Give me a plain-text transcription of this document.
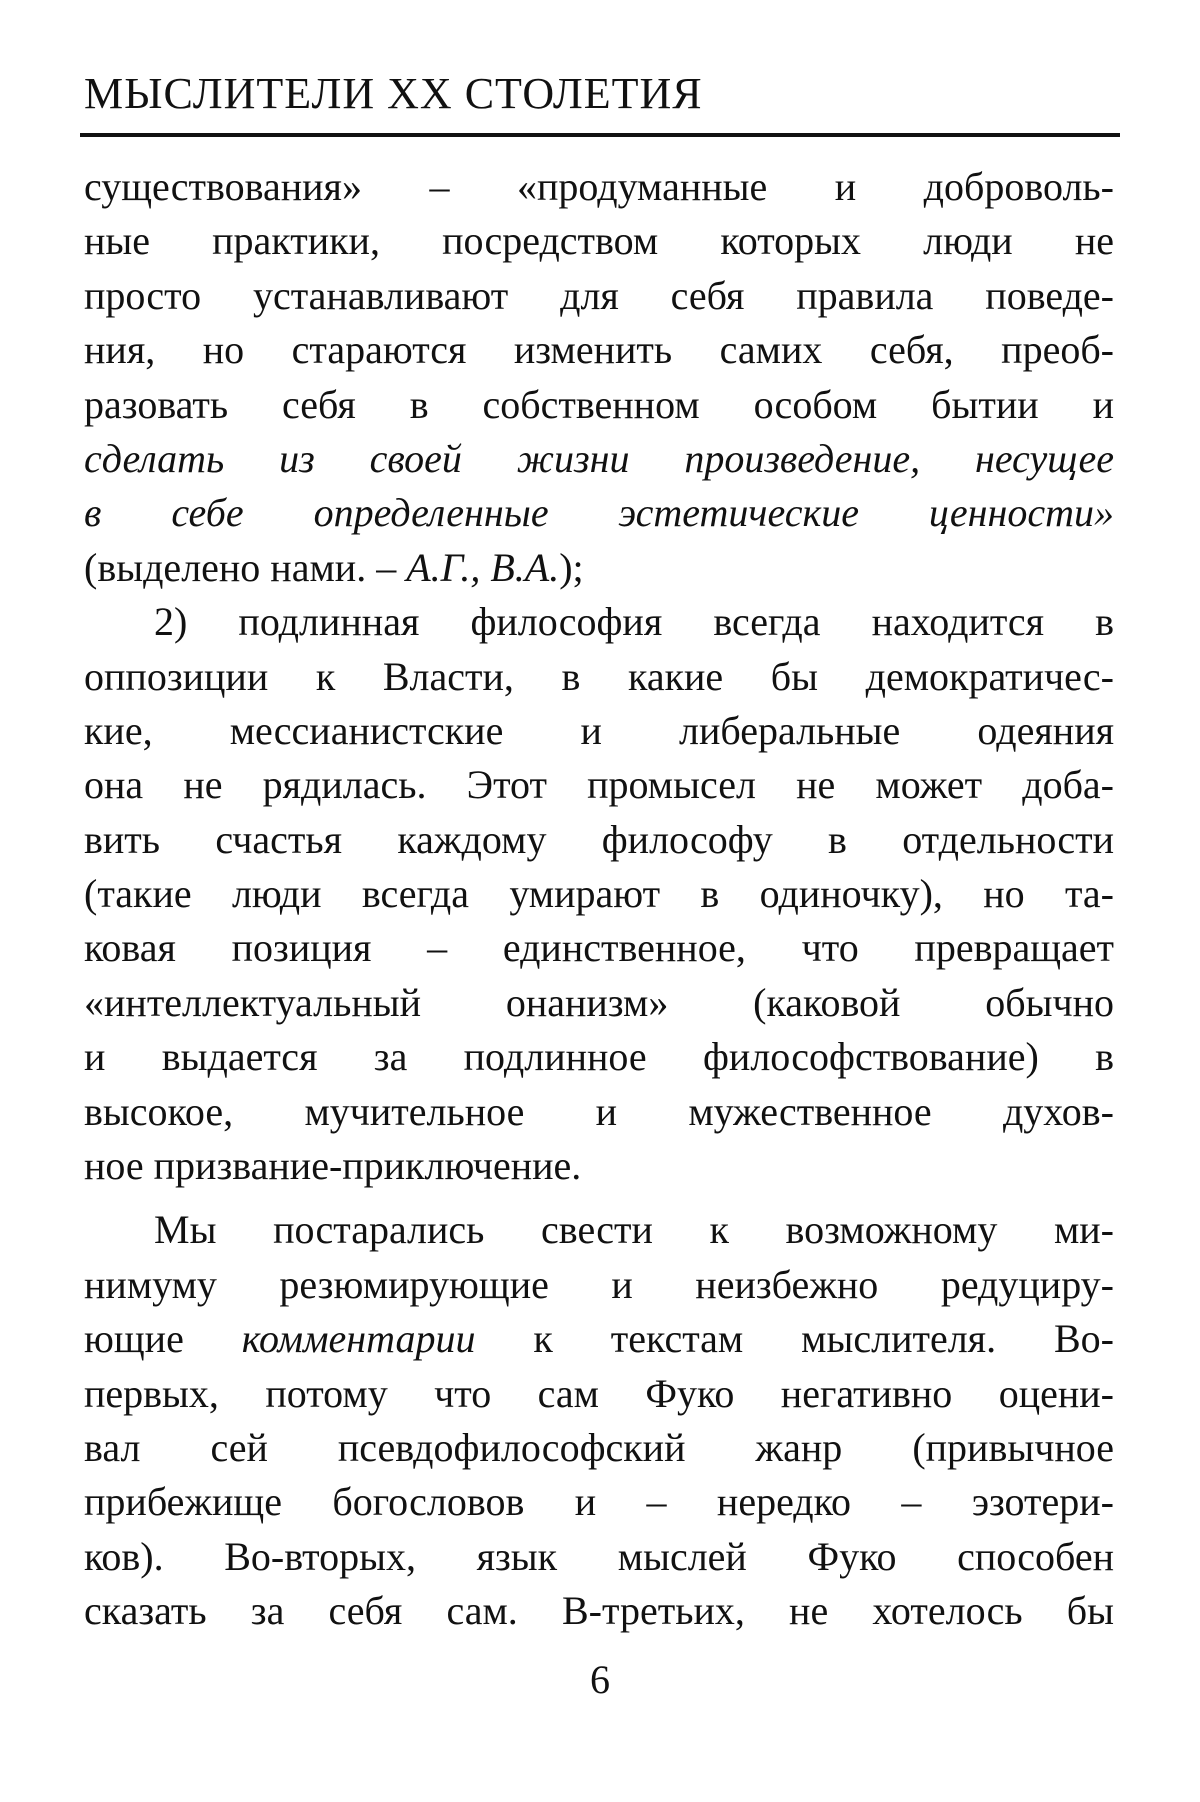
МЫСЛИТЕЛИ XX СТОЛЕТИЯ
существования» – «продуманные и доброволь-
ные практики, посредством которых люди не
просто устанавливают для себя правила поведе-
ния, но стараются изменить самих себя, преоб-
разовать себя в собственном особом бытии и
сделать из своей жизни произведение, несущее
в себе определенные эстетические ценности»
(выделено нами. – А.Г., В.А.);
2) подлинная философия всегда находится в
оппозиции к Власти, в какие бы демократичес-
кие, мессианистские и либеральные одеяния
она не рядилась. Этот промысел не может доба-
вить счастья каждому философу в отдельности
(такие люди всегда умирают в одиночку), но та-
ковая позиция – единственное, что превращает
«интеллектуальный онанизм» (каковой обычно
и выдается за подлинное философствование) в
высокое, мучительное и мужественное духов-
ное призвание-приключение.
Мы постарались свести к возможному ми-
нимуму резюмирующие и неизбежно редуциру-
ющие комментарии к текстам мыслителя. Во-
первых, потому что сам Фуко негативно оцени-
вал сей псевдофилософский жанр (привычное
прибежище богословов и – нередко – эзотери-
ков). Во-вторых, язык мыслей Фуко способен
сказать за себя сам. В-третьих, не хотелось бы
6
